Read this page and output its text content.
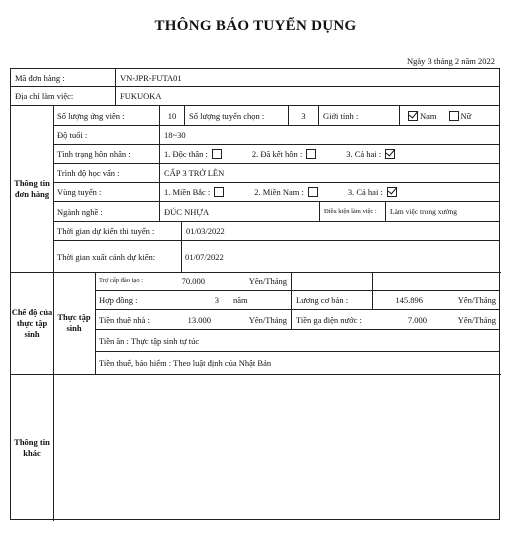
THÔNG BÁO TUYỂN DỤNG
Ngày 3 tháng 2 năm 2022
Mã đơn hàng :	VN-JPR-FUTA01
Địa chỉ làm việc:	FUKUOKA
Thông tin đơn hàng
Số lượng ứng viên :	10	Số lượng tuyển chọn :	3	Giới tính :	Nam	Nữ
Độ tuổi :	18~30
Tình trạng hôn nhân :	1. Độc thân :	2. Đã kết hôn :	3. Cả hai :
Trình độ học vấn :	CẤP 3 TRỞ LÊN
Vùng tuyển :	1. Miền Bắc :	2. Miền Nam :	3. Cả hai :
Ngành nghề :	ĐÚC NHỰA	Điều kiện làm việc :	Làm việc trong xưởng
Thời gian dự kiến thi tuyển :	01/03/2022
Thời gian xuất cảnh dự kiến:	01/07/2022
Chế độ của thực tập sinh
Thực tập sinh
Trợ cấp đào tạo :	70.000	Yên/Tháng
Hợp đồng :	3	năm	Lương cơ bản :	145.896	Yên/Tháng
Tiền thuê nhà :	13.000	Yên/Tháng	Tiền ga điện nước :	7.000	Yên/Tháng
Tiền ăn : Thực tập sinh tự túc
Tiền thuế, bảo hiểm : Theo luật định của Nhật Bản
Thông tin khác
